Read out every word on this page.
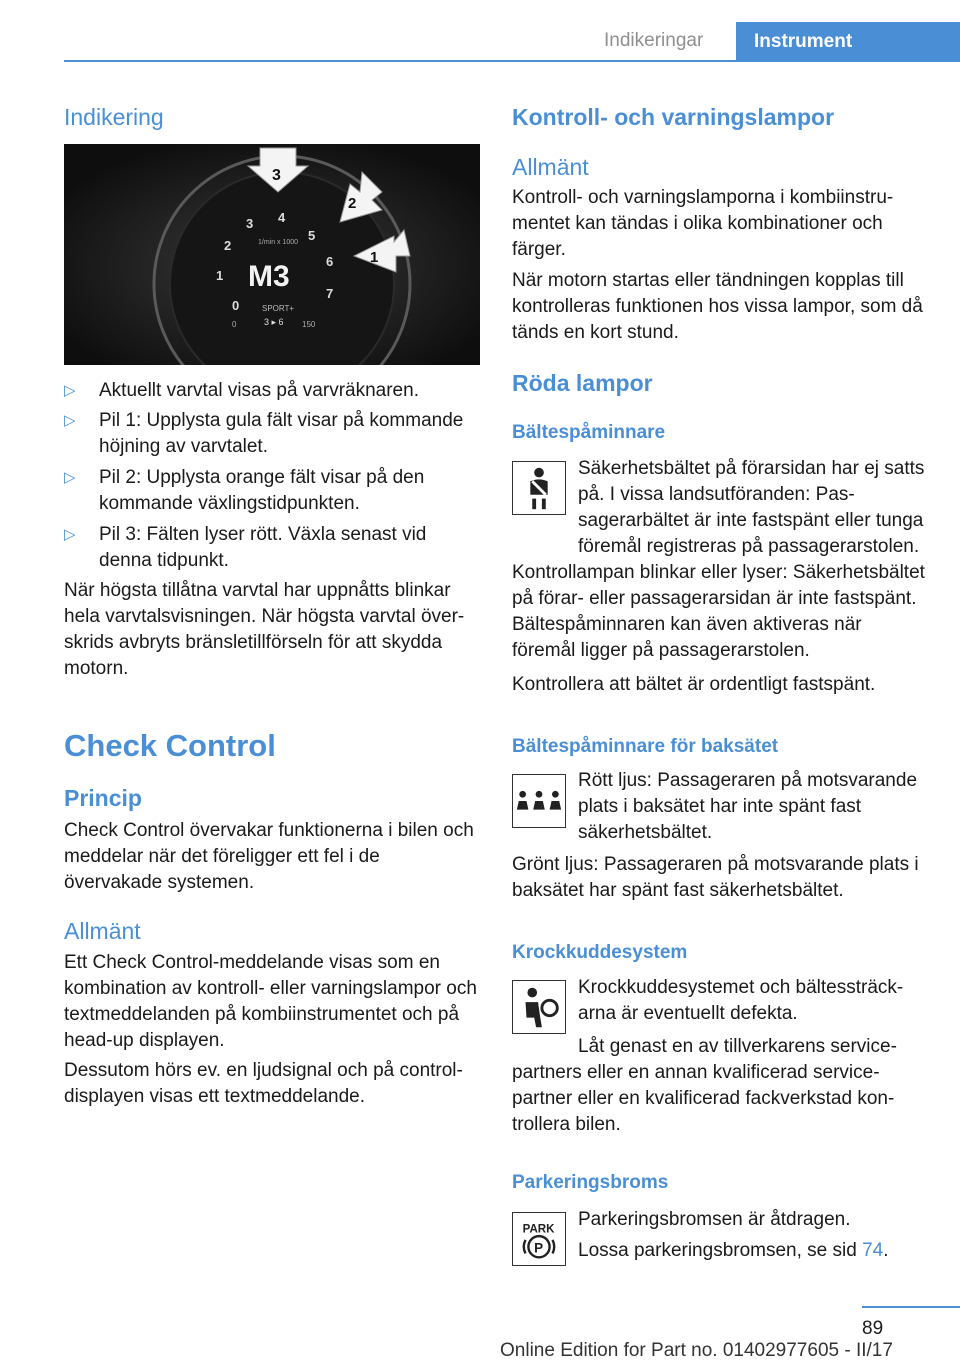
Indikeringar	Instrument
Indikering
0
1
2
3 4
5
6
7
1/min x 1000
M3
SPORT+
3 ▸ 6
0	150
3
2
1
▷ Aktuellt varvtal visas på varvräknaren.
▷ Pil 1: Upplysta gula fält visar på kommande höjning av varvtalet.
▷ Pil 2: Upplysta orange fält visar på den kommande växlingstidpunkten.
▷ Pil 3: Fälten lyser rött. Växla senast vid denna tidpunkt.
När högsta tillåtna varvtal har uppnåtts blinkar hela varvtalsvisningen. När högsta varvtal överskrids avbryts bränsletillförseln för att skydda motorn.
Check Control
Princip
Check Control övervakar funktionerna i bilen och meddelar när det föreligger ett fel i de övervakade systemen.
Allmänt
Ett Check Control-meddelande visas som en kombination av kontroll- eller varningslampor och textmeddelanden på kombiinstrumentet och på head-up displayen.
Dessutom hörs ev. en ljudsignal och på control-displayen visas ett textmeddelande.
Kontroll- och varningslampor
Allmänt
Kontroll- och varningslamporna i kombiinstrumentet kan tändas i olika kombinationer och färger.
När motorn startas eller tändningen kopplas till kontrolleras funktionen hos vissa lampor, som då tänds en kort stund.
Röda lampor
Bältespåminnare
Säkerhetsbältet på förarsidan har ej satts på. I vissa landsutföranden: Passagerarbältet är inte fastspänt eller tunga föremål registreras på passagerarstolen.
Kontrollampan blinkar eller lyser: Säkerhetsbältet på förar- eller passagerarsidan är inte fastspänt. Bältespåminnaren kan även aktiveras när föremål ligger på passagerarstolen.
Kontrollera att bältet är ordentligt fastspänt.
Bältespåminnare för baksätet
Rött ljus: Passageraren på motsvarande plats i baksätet har inte spänt fast säkerhetsbältet.
Grönt ljus: Passageraren på motsvarande plats i baksätet har spänt fast säkerhetsbältet.
Krockkuddesystem
Krockkuddesystemet och bältessträckarna är eventuellt defekta.
Låt genast en av tillverkarens servicepartners eller en annan kvalificerad servicepartner eller en kvalificerad fackverkstad kontrollera bilen.
Parkeringsbroms
PARK
P
Parkeringsbromsen är åtdragen.
Lossa parkeringsbromsen, se sid 74.
89
Online Edition for Part no. 01402977605 - II/17
